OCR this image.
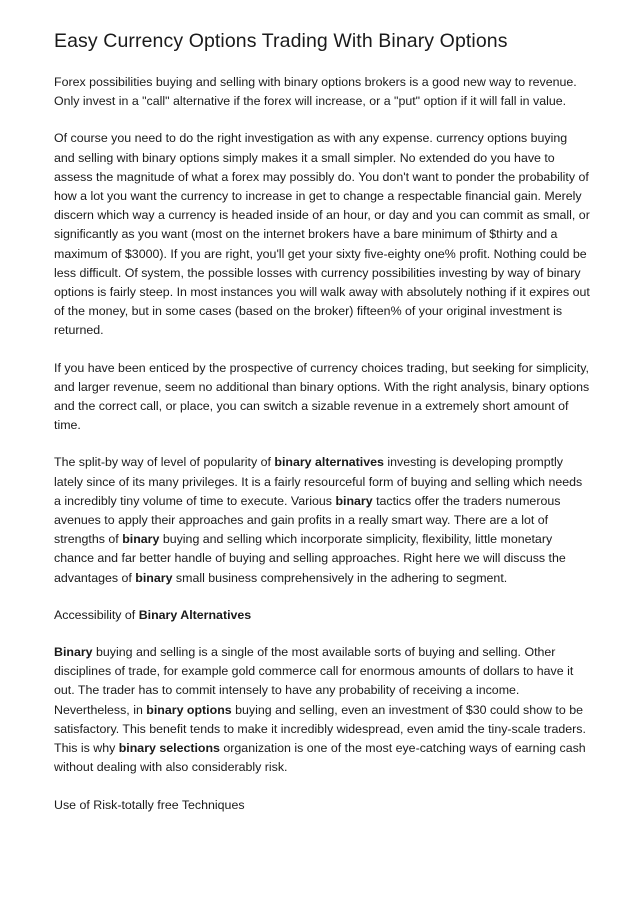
Easy Currency Options Trading With Binary Options

Forex possibilities buying and selling with binary options brokers is a good new way to revenue. Only invest in a "call" alternative if the forex will increase, or a "put" option if it will fall in value.

Of course you need to do the right investigation as with any expense. currency options buying and selling with binary options simply makes it a small simpler. No extended do you have to assess the magnitude of what a forex may possibly do. You don't want to ponder the probability of how a lot you want the currency to increase in get to change a respectable financial gain. Merely discern which way a currency is headed inside of an hour, or day and you can commit as small, or significantly as you want (most on the internet brokers have a bare minimum of $thirty and a maximum of $3000). If you are right, you'll get your sixty five-eighty one% profit. Nothing could be less difficult. Of system, the possible losses with currency possibilities investing by way of binary options is fairly steep. In most instances you will walk away with absolutely nothing if it expires out of the money, but in some cases (based on the broker) fifteen% of your original investment is returned.

If you have been enticed by the prospective of currency choices trading, but seeking for simplicity, and larger revenue, seem no additional than binary options. With the right analysis, binary options and the correct call, or place, you can switch a sizable revenue in a extremely short amount of time.

The split-by way of level of popularity of binary alternatives investing is developing promptly lately since of its many privileges. It is a fairly resourceful form of buying and selling which needs a incredibly tiny volume of time to execute. Various binary tactics offer the traders numerous avenues to apply their approaches and gain profits in a really smart way. There are a lot of strengths of binary buying and selling which incorporate simplicity, flexibility, little monetary chance and far better handle of buying and selling approaches. Right here we will discuss the advantages of binary small business comprehensively in the adhering to segment.

Accessibility of Binary Alternatives

Binary buying and selling is a single of the most available sorts of buying and selling. Other disciplines of trade, for example gold commerce call for enormous amounts of dollars to have it out. The trader has to commit intensely to have any probability of receiving a income. Nevertheless, in binary options buying and selling, even an investment of $30 could show to be satisfactory. This benefit tends to make it incredibly widespread, even amid the tiny-scale traders. This is why binary selections organization is one of the most eye-catching ways of earning cash without dealing with also considerably risk.

Use of Risk-totally free Techniques
